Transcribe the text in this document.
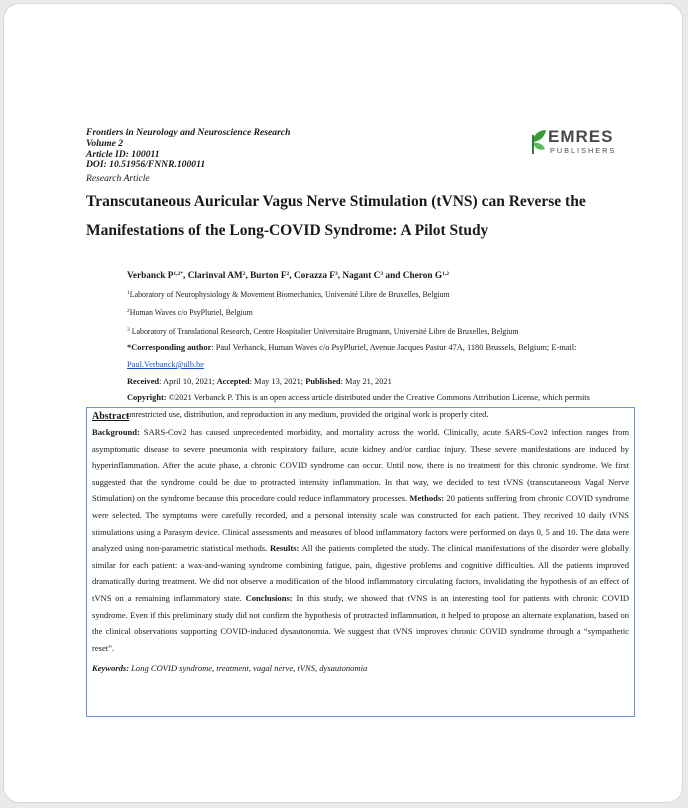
Frontiers in Neurology and Neuroscience Research
Volume 2
Article ID: 100011
DOI: 10.51956/FNNR.100011
Research Article
EMRES
PUBLISHERS
Transcutaneous Auricular Vagus Nerve Stimulation (tVNS) can Reverse the Manifestations of the Long-COVID Syndrome: A Pilot Study
Verbanck $P^{1,2*}$, Clarinval $AM^2$, Burton $F^2$, Corazza $F^3$, Nagant $C^3$ and Cheron G$^{1,2}$
$^1$Laboratory of Neurophysiology & Movement Biomechanics, Université Libre de Bruxelles, Belgium
$^2$Human Waves c/o PsyPluriel, Belgium
$^3$ Laboratory of Translational Research, Centre Hospitalier Universitaire Brugmann, Université Libre de Bruxelles, Belgium
*Corresponding author: Paul Verbanck, Human Waves c/o PsyPluriel, Avenue Jacques Pastur 47A, 1180 Brussels, Belgium; E-mail: Paul.Verbanck@ulb.be
Received: April 10, 2021; Accepted: May 13, 2021; Published: May 21, 2021
Copyright: ©2021 Verbanck P. This is an open access article distributed under the Creative Commons Attribution License, which permits unrestricted use, distribution, and reproduction in any medium, provided the original work is properly cited.
Abstract
Background: SARS-Cov2 has caused unprecedented morbidity, and mortality across the world. Clinically, acute SARS-Cov2 infection ranges from asymptomatic disease to severe pneumonia with respiratory failure, acute kidney and/or cardiac injury. These severe manifestations are induced by hyperinflammation. After the acute phase, a chronic COVID syndrome can occur. Until now, there is no treatment for this chronic syndrome. We first suggested that the syndrome could be due to protracted intensity inflammation. In that way, we decided to test tVNS (transcutaneous Vagal Nerve Stimulation) on the syndrome because this procedure could reduce inflammatory processes. Methods: 20 patients suffering from chronic COVID syndrome were selected. The symptoms were carefully recorded, and a personal intensity scale was constructed for each patient. They received 10 daily tVNS stimulations using a Parasym device. Clinical assessments and measures of blood inflammatory factors were performed on days 0, 5 and 10. The data were analyzed using non-parametric statistical methods. Results: All the patients completed the study. The clinical manifestations of the disorder were globally similar for each patient: a wax-and-waning syndrome combining fatigue, pain, digestive problems and cognitive difficulties. All the patients improved dramatically during treatment. We did not observe a modification of the blood inflammatory circulating factors, invalidating the hypothesis of an effect of tVNS on a remaining inflammatory state. Conclusions: In this study, we showed that tVNS is an interesting tool for patients with chronic COVID syndrome. Even if this preliminary study did not confirm the hypothesis of protracted inflammation, it helped to propose an alternate explanation, based on the clinical observations supporting COVID-induced dysautonomia. We suggest that tVNS improves chronic COVID syndrome through a “sympathetic reset”.
Keywords: Long COVID syndrome, treatment, vagal nerve, tVNS, dysautonomia
